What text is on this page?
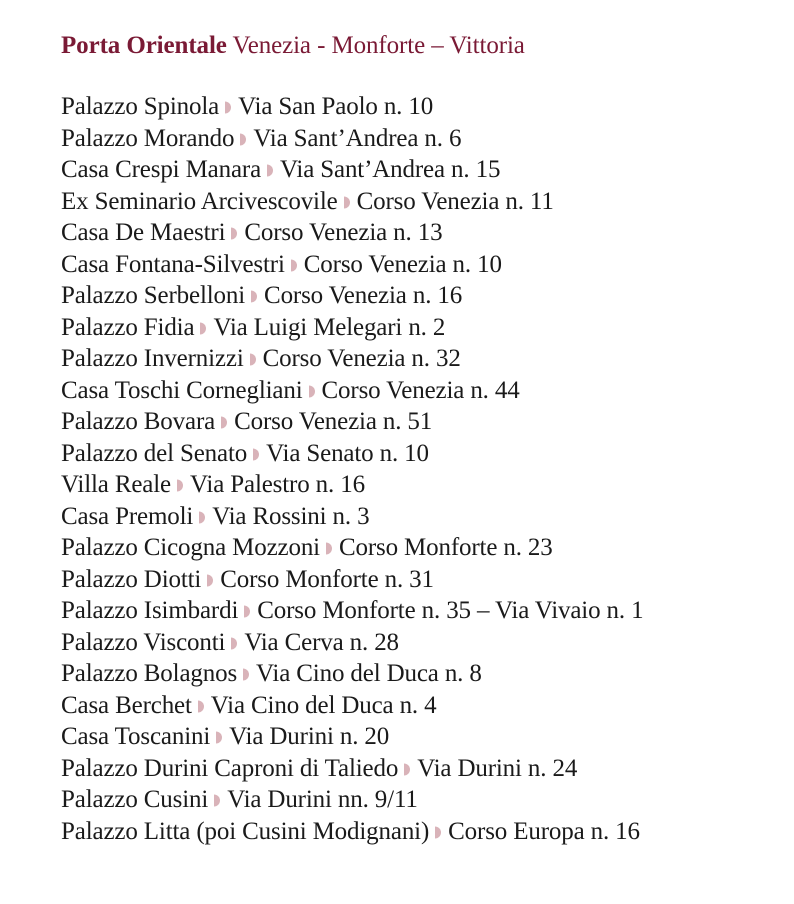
Porta Orientale Venezia - Monforte – Vittoria
Palazzo Spinola Via San Paolo n. 10
Palazzo Morando Via Sant’Andrea n. 6
Casa Crespi Manara Via Sant’Andrea n. 15
Ex Seminario Arcivescovile Corso Venezia n. 11
Casa De Maestri Corso Venezia n. 13
Casa Fontana-Silvestri Corso Venezia n. 10
Palazzo Serbelloni Corso Venezia n. 16
Palazzo Fidia Via Luigi Melegari n. 2
Palazzo Invernizzi Corso Venezia n. 32
Casa Toschi Cornegliani Corso Venezia n. 44
Palazzo Bovara Corso Venezia n. 51
Palazzo del Senato Via Senato n. 10
Villa Reale Via Palestro n. 16
Casa Premoli Via Rossini n. 3
Palazzo Cicogna Mozzoni Corso Monforte n. 23
Palazzo Diotti Corso Monforte n. 31
Palazzo Isimbardi Corso Monforte n. 35 – Via Vivaio n. 1
Palazzo Visconti Via Cerva n. 28
Palazzo Bolagnos Via Cino del Duca n. 8
Casa Berchet Via Cino del Duca n. 4
Casa Toscanini Via Durini n. 20
Palazzo Durini Caproni di Taliedo Via Durini n. 24
Palazzo Cusini Via Durini nn. 9/11
Palazzo Litta (poi Cusini Modignani) Corso Europa n. 16
